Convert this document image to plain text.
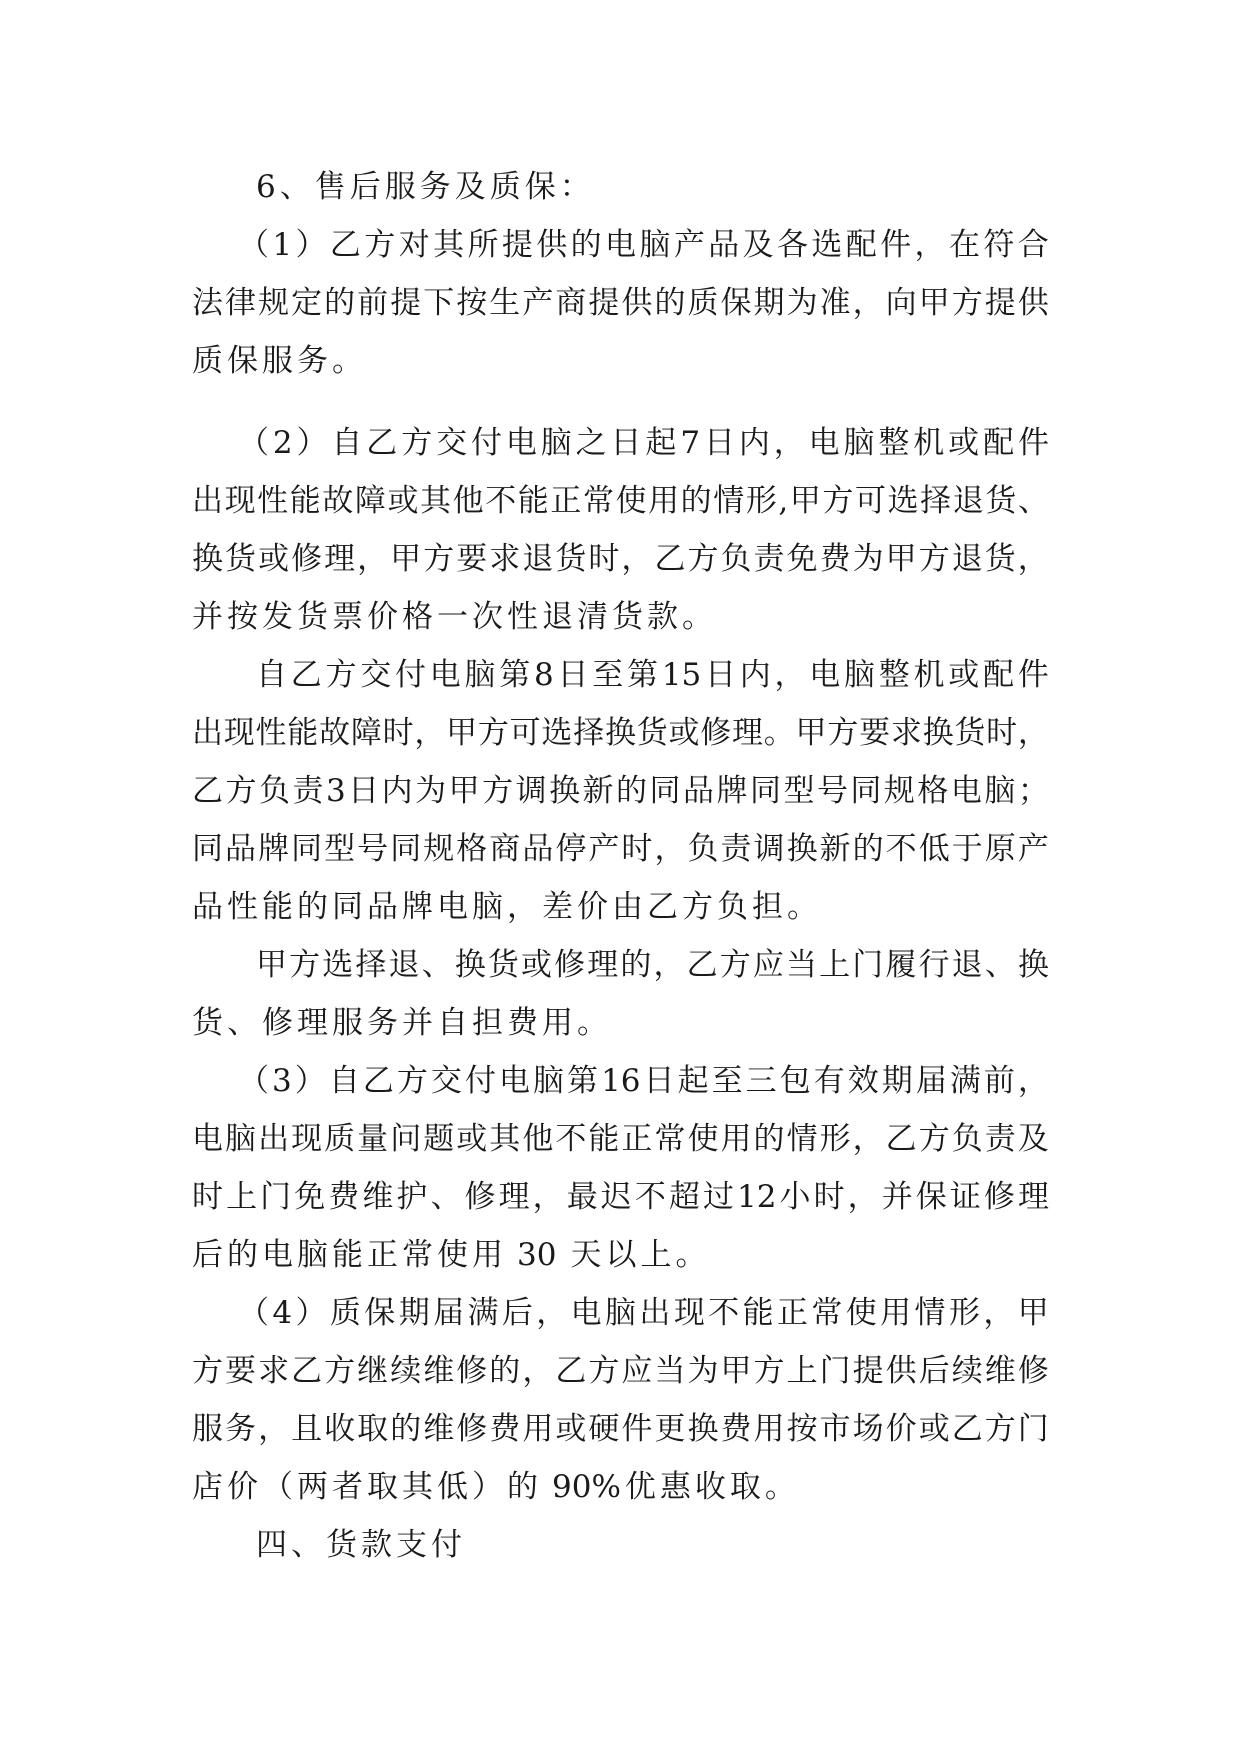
6 、 售 后 服 务 及 质 保 ：
（ 1 ） 乙 方 对 其 所 提 供 的 电 脑 产 品 及 各 选 配 件 ， 在 符 合
法 律 规 定 的 前 提 下 按 生 产 商 提 供 的 质 保 期 为 准 ， 向 甲 方 提 供
质 保 服 务 。
（ 2 ） 自 乙 方 交 付 电 脑 之 日 起 7 日 内 ， 电 脑 整 机 或 配 件
出 现 性 能 故 障 或 其 他 不 能 正 常 使 用 的 情 形 , 甲 方 可 选 择 退 货 、
换 货 或 修 理 ， 甲 方 要 求 退 货 时 ， 乙 方 负 责 免 费 为 甲 方 退 货 ，
并 按 发 货 票 价 格 一 次 性 退 清 货 款 。
自 乙 方 交 付 电 脑 第 8 日 至 第 15 日 内 ， 电 脑 整 机 或 配 件
出 现 性 能 故 障 时 ， 甲 方 可 选 择 换 货 或 修 理 。 甲 方 要 求 换 货 时 ，
乙 方 负 责 3 日 内 为 甲 方 调 换 新 的 同 品 牌 同 型 号 同 规 格 电 脑 ；
同 品 牌 同 型 号 同 规 格 商 品 停 产 时 ， 负 责 调 换 新 的 不 低 于 原 产
品 性 能 的 同 品 牌 电 脑 ， 差 价 由 乙 方 负 担 。
甲 方 选 择 退 、 换 货 或 修 理 的 ， 乙 方 应 当 上 门 履 行 退 、 换
货 、 修 理 服 务 并 自 担 费 用 。
（ 3 ） 自 乙 方 交 付 电 脑 第 16 日 起 至 三 包 有 效 期 届 满 前 ，
电 脑 出 现 质 量 问 题 或 其 他 不 能 正 常 使 用 的 情 形 ， 乙 方 负 责 及
时 上 门 免 费 维 护 、 修 理 ， 最 迟 不 超 过 12 小 时 ， 并 保 证 修 理
后 的 电 脑 能 正 常 使 用
30
天 以 上 。
（ 4 ） 质 保 期 届 满 后 ， 电 脑 出 现 不 能 正 常 使 用 情 形 ， 甲
方 要 求 乙 方 继 续 维 修 的 ， 乙 方 应 当 为 甲 方 上 门 提 供 后 续 维 修
服 务 ， 且 收 取 的 维 修 费 用 或 硬 件 更 换 费 用 按 市 场 价 或 乙 方 门
店 价 （ 两 者 取 其 低 ） 的
90% 优 惠 收 取 。
四 、 货 款 支 付
